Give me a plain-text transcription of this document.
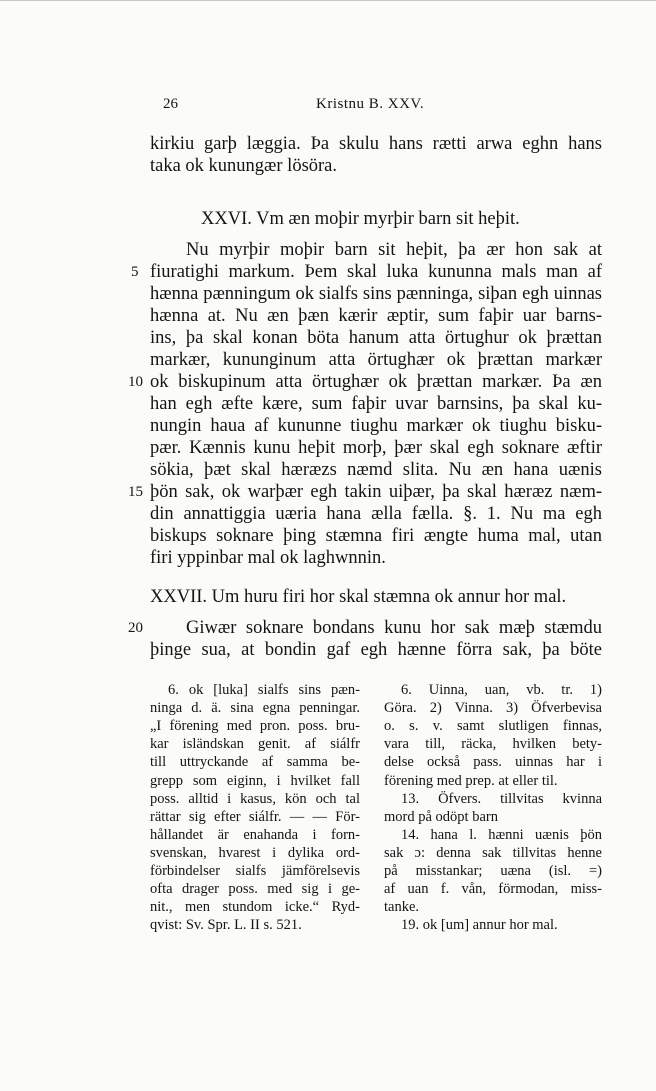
26	Kristnu B. XXV.
kirkiu garþ læggia. Þa skulu hans rætti arwa eghn hans
taka ok kunungær lösöra.
XXVI. Vm æn moþir myrþir barn sit heþit.
Nu myrþir moþir barn sit heþit, þa ær hon sak at
fiuratighi markum. Þem skal luka kununna mals man af
hænna pænningum ok sialfs sins pænninga, siþan egh uinnas
hænna at. Nu æn þæn kærir æptir, sum faþir uar barns-
ins, þa skal konan böta hanum atta örtughur ok þrættan
markær, kununginum atta örtughær ok þrættan markær
ok biskupinum atta örtughær ok þrættan markær. Þa æn
han egh æfte kære, sum faþir uvar barnsins, þa skal ku-
nungin haua af kununne tiughu markær ok tiughu bisku-
pær. Kænnis kunu heþit morþ, þær skal egh soknare æftir
sökia, þæt skal hæræzs næmd slita. Nu æn hana uænis
þön sak, ok warþær egh takin uiþær, þa skal hæræz næm-
din annattiggia uæria hana ælla fælla. §. 1. Nu ma egh
biskups soknare þing stæmna firi ængte huma mal, utan
firi yppinbar mal ok laghwnnin.
5
10
15
XXVII. Um huru firi hor skal stæmna ok annur hor mal.
Giwær soknare bondans kunu hor sak mæþ stæmdu
þinge sua, at bondin gaf egh hænne förra sak, þa böte
20
6. ok [luka] sialfs sins pæn-
ninga d. ä. sina egna penningar.
„I förening med pron. poss. bru-
kar isländskan genit. af siálfr
till uttryckande af samma be-
grepp som eiginn, i hvilket fall
poss. alltid i kasus, kön och tal
rättar sig efter siálfr. — — För-
hållandet är enahanda i forn-
svenskan, hvarest i dylika ord-
förbindelser sialfs jämförelsevis
ofta drager poss. med sig i ge-
nit., men stundom icke.“ Ryd-
qvist: Sv. Spr. L. II s. 521.
6. Uinna, uan, vb. tr. 1)
Göra. 2) Vinna. 3) Öfverbevisa
o. s. v. samt slutligen finnas,
vara till, räcka, hvilken bety-
delse också pass. uinnas har i
förening med prep. at eller til.
13. Öfvers. tillvitas kvinna
mord på odöpt barn
14. hana l. hænni uænis þön
sak ɔ: denna sak tillvitas henne
på misstankar; uæna (isl. =)
af uan f. vån, förmodan, miss-
tanke.
19. ok [um] annur hor mal.
